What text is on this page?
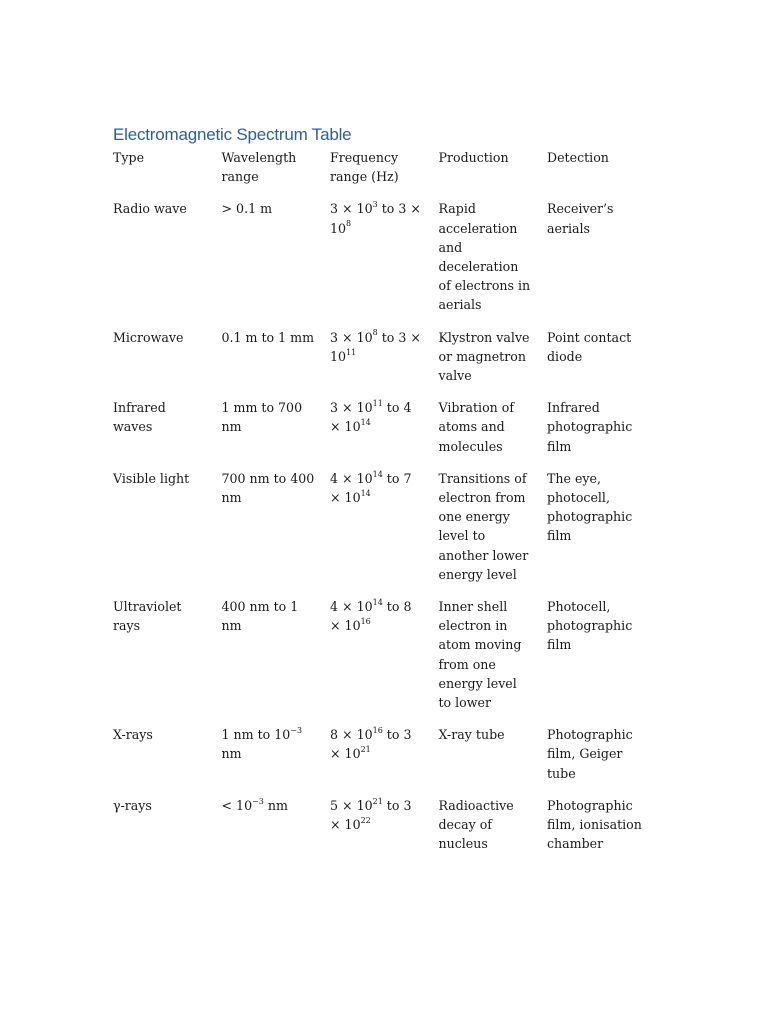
Electromagnetic Spectrum Table
Type	Wavelength range	Frequency range (Hz)	Production	Detection
Radio wave	> 0.1 m	$3 \times 10^3$ to $3 \times 10^8$	Rapid acceleration and deceleration of electrons in aerials	Receiver’s aerials
Microwave	0.1 m to 1 mm	$3 \times 10^8$ to $3 \times 10^{11}$	Klystron valve or magnetron valve	Point contact diode
Infrared waves	1 mm to 700 nm	$3 \times 10^{11}$ to $4 \times 10^{14}$	Vibration of atoms and molecules	Infrared photographic film
Visible light	700 nm to 400 nm	$4 \times 10^{14}$ to $7 \times 10^{14}$	Transitions of electron from one energy level to another lower energy level	The eye, photocell, photographic film
Ultraviolet rays	400 nm to 1 nm	$4 \times 10^{14}$ to $8 \times 10^{16}$	Inner shell electron in atom moving from one energy level to lower	Photocell, photographic film
X-rays	1 nm to $10^{-3}$ nm	$8 \times 10^{16}$ to $3 \times 10^{21}$	X-ray tube	Photographic film, Geiger tube
γ-rays	< $10^{-3}$ nm	$5 \times 10^{21}$ to $3 \times 10^{22}$	Radioactive decay of nucleus	Photographic film, ionisation chamber
